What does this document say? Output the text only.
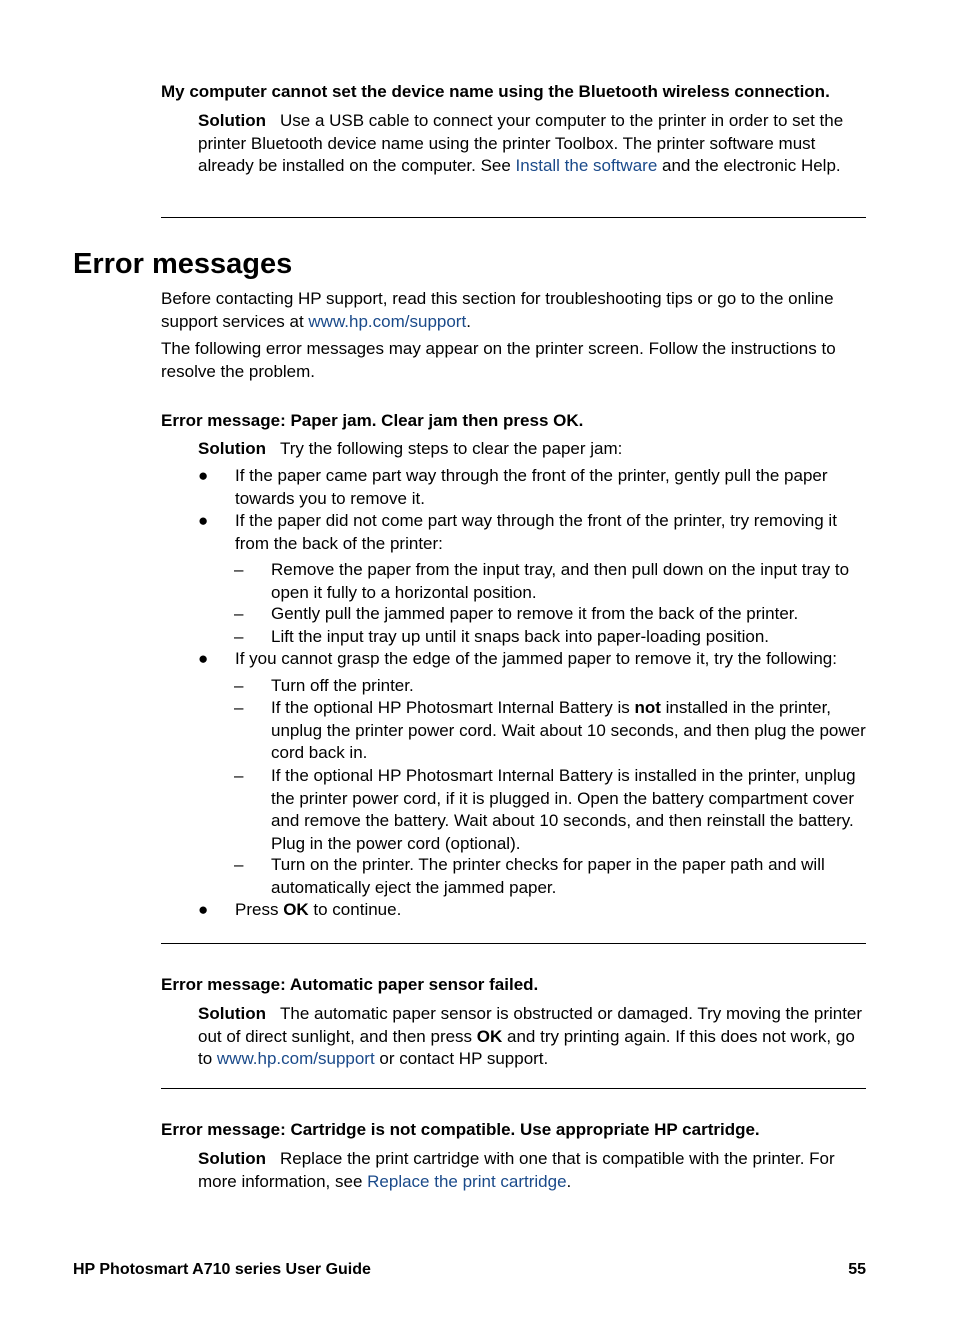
My computer cannot set the device name using the Bluetooth wireless connection.
Solution Use a USB cable to connect your computer to the printer in order to set the printer Bluetooth device name using the printer Toolbox. The printer software must already be installed on the computer. See Install the software and the electronic Help.
Error messages
Before contacting HP support, read this section for troubleshooting tips or go to the online support services at www.hp.com/support.
The following error messages may appear on the printer screen. Follow the instructions to resolve the problem.
Error message: Paper jam. Clear jam then press OK.
Solution Try the following steps to clear the paper jam:
●	If the paper came part way through the front of the printer, gently pull the paper towards you to remove it.
●	If the paper did not come part way through the front of the printer, try removing it from the back of the printer:
–	Remove the paper from the input tray, and then pull down on the input tray to open it fully to a horizontal position.
–	Gently pull the jammed paper to remove it from the back of the printer.
–	Lift the input tray up until it snaps back into paper-loading position.
●	If you cannot grasp the edge of the jammed paper to remove it, try the following:
–	Turn off the printer.
–	If the optional HP Photosmart Internal Battery is not installed in the printer, unplug the printer power cord. Wait about 10 seconds, and then plug the power cord back in.
–	If the optional HP Photosmart Internal Battery is installed in the printer, unplug the printer power cord, if it is plugged in. Open the battery compartment cover and remove the battery. Wait about 10 seconds, and then reinstall the battery. Plug in the power cord (optional).
–	Turn on the printer. The printer checks for paper in the paper path and will automatically eject the jammed paper.
●	Press OK to continue.
Error message: Automatic paper sensor failed.
Solution The automatic paper sensor is obstructed or damaged. Try moving the printer out of direct sunlight, and then press OK and try printing again. If this does not work, go to www.hp.com/support or contact HP support.
Error message: Cartridge is not compatible. Use appropriate HP cartridge.
Solution Replace the print cartridge with one that is compatible with the printer. For more information, see Replace the print cartridge.
HP Photosmart A710 series User Guide	55
